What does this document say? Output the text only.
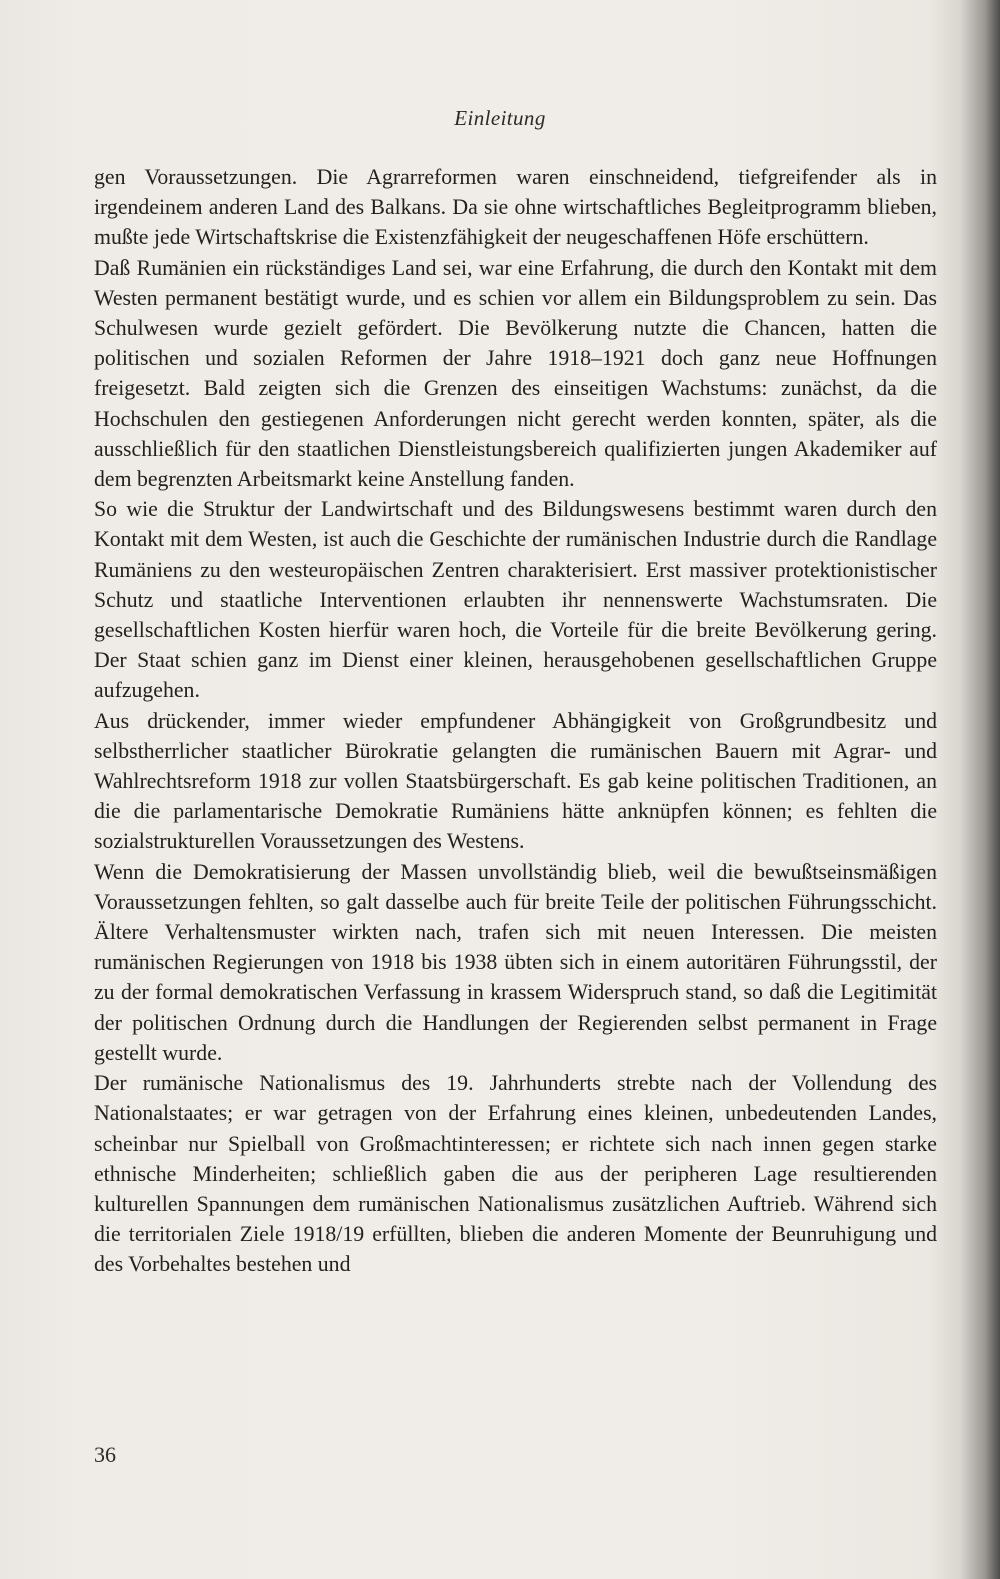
Einleitung

gen Voraussetzungen. Die Agrarreformen waren einschneidend, tiefgreifender als in irgendeinem anderen Land des Balkans. Da sie ohne wirtschaftliches Begleitprogramm blieben, mußte jede Wirtschaftskrise die Existenzfähigkeit der neugeschaffenen Höfe erschüttern.

Daß Rumänien ein rückständiges Land sei, war eine Erfahrung, die durch den Kontakt mit dem Westen permanent bestätigt wurde, und es schien vor allem ein Bildungsproblem zu sein. Das Schulwesen wurde gezielt gefördert. Die Bevölkerung nutzte die Chancen, hatten die politischen und sozialen Reformen der Jahre 1918–1921 doch ganz neue Hoffnungen freigesetzt. Bald zeigten sich die Grenzen des einseitigen Wachstums: zunächst, da die Hochschulen den gestiegenen Anforderungen nicht gerecht werden konnten, später, als die ausschließlich für den staatlichen Dienstleistungsbereich qualifizierten jungen Akademiker auf dem begrenzten Arbeitsmarkt keine Anstellung fanden.

So wie die Struktur der Landwirtschaft und des Bildungswesens bestimmt waren durch den Kontakt mit dem Westen, ist auch die Geschichte der rumänischen Industrie durch die Randlage Rumäniens zu den westeuropäischen Zentren charakterisiert. Erst massiver protektionistischer Schutz und staatliche Interventionen erlaubten ihr nennenswerte Wachstumsraten. Die gesellschaftlichen Kosten hierfür waren hoch, die Vorteile für die breite Bevölkerung gering. Der Staat schien ganz im Dienst einer kleinen, herausgehobenen gesellschaftlichen Gruppe aufzugehen.

Aus drückender, immer wieder empfundener Abhängigkeit von Großgrundbesitz und selbstherrlicher staatlicher Bürokratie gelangten die rumänischen Bauern mit Agrar- und Wahlrechtsreform 1918 zur vollen Staatsbürgerschaft. Es gab keine politischen Traditionen, an die die parlamentarische Demokratie Rumäniens hätte anknüpfen können; es fehlten die sozialstrukturellen Voraussetzungen des Westens.

Wenn die Demokratisierung der Massen unvollständig blieb, weil die bewußtseinsmäßigen Voraussetzungen fehlten, so galt dasselbe auch für breite Teile der politischen Führungsschicht. Ältere Verhaltensmuster wirkten nach, trafen sich mit neuen Interessen. Die meisten rumänischen Regierungen von 1918 bis 1938 übten sich in einem autoritären Führungsstil, der zu der formal demokratischen Verfassung in krassem Widerspruch stand, so daß die Legitimität der politischen Ordnung durch die Handlungen der Regierenden selbst permanent in Frage gestellt wurde.

Der rumänische Nationalismus des 19. Jahrhunderts strebte nach der Vollendung des Nationalstaates; er war getragen von der Erfahrung eines kleinen, unbedeutenden Landes, scheinbar nur Spielball von Großmachtinteressen; er richtete sich nach innen gegen starke ethnische Minderheiten; schließlich gaben die aus der peripheren Lage resultierenden kulturellen Spannungen dem rumänischen Nationalismus zusätzlichen Auftrieb. Während sich die territorialen Ziele 1918/19 erfüllten, blieben die anderen Momente der Beunruhigung und des Vorbehaltes bestehen und

36
